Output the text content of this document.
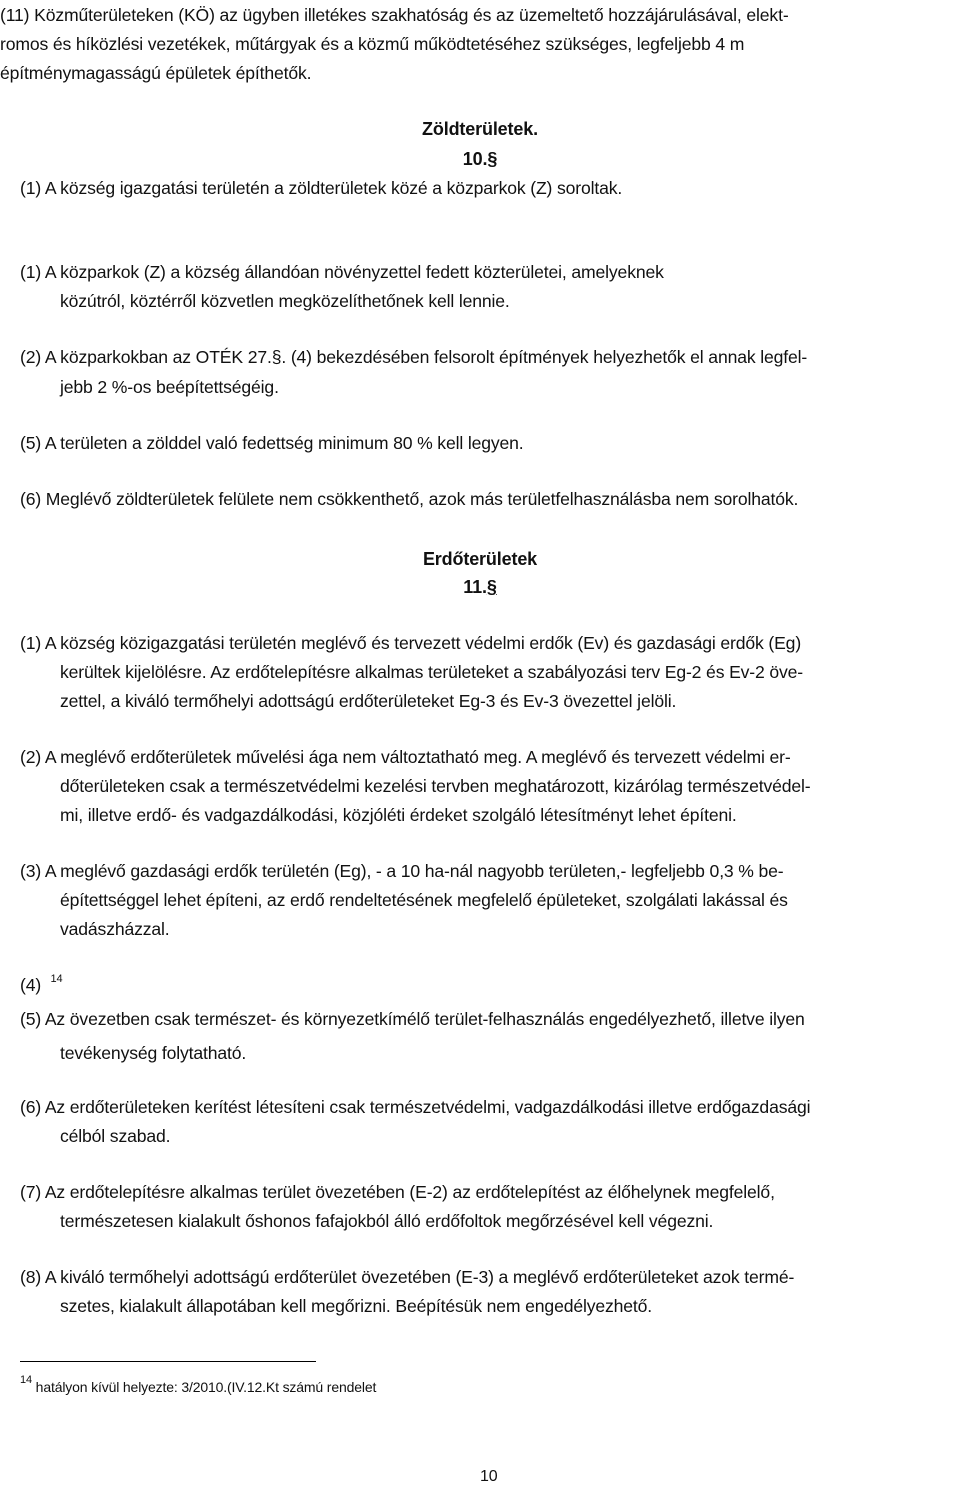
(11) Közműterületeken (KÖ) az ügyben illetékes szakhatóság és az üzemeltető hozzájárulásával, elekt-
romos és híközlési vezetékek, műtárgyak és a közmű működtetéséhez szükséges, legfeljebb 4 m
építménymagasságú épületek építhetők.
Zöldterületek.
10.§
(1) A község igazgatási területén a zöldterületek közé a közparkok (Z) soroltak.
(1) A közparkok (Z) a község állandóan növényzettel fedett közterületei, amelyeknek
közútról, köztérről közvetlen megközelíthetőnek kell lennie.
(2) A közparkokban az OTÉK 27.§. (4) bekezdésében felsorolt építmények helyezhetők el annak legfel-
jebb 2 %-os beépítettségéig.
(5) A területen a zölddel való fedettség minimum 80 % kell legyen.
(6) Meglévő zöldterületek felülete nem csökkenthető, azok más területfelhasználásba nem sorolhatók.
Erdőterületek
11.§
(1) A község közigazgatási területén meglévő és tervezett védelmi erdők (Ev) és gazdasági erdők (Eg)
kerültek kijelölésre. Az erdőtelepítésre alkalmas területeket a szabályozási terv Eg-2 és Ev-2 öve-
zettel, a kiváló termőhelyi adottságú erdőterületeket Eg-3 és Ev-3 övezettel jelöli.
(2) A meglévő erdőterületek művelési ága nem változtatható meg. A meglévő és tervezett védelmi er-
dőterületeken csak a természetvédelmi kezelési tervben meghatározott, kizárólag természetvédel-
mi, illetve erdő- és vadgazdálkodási, közjóléti érdeket szolgáló létesítményt lehet építeni.
(3) A meglévő gazdasági erdők területén (Eg), - a 10 ha-nál nagyobb területen,- legfeljebb 0,3 % be-
építettséggel lehet építeni, az erdő rendeltetésének megfelelő épületeket, szolgálati lakással és
vadászházzal.
(4) $^{14}$
(5) Az övezetben csak természet- és környezetkímélő terület-felhasználás engedélyezhető, illetve ilyen
tevékenység folytatható.
(6) Az erdőterületeken kerítést létesíteni csak természetvédelmi, vadgazdálkodási illetve erdőgazdasági
célból szabad.
(7) Az erdőtelepítésre alkalmas terület övezetében (E-2) az erdőtelepítést az élőhelynek megfelelő,
természetesen kialakult őshonos fafajokból álló erdőfoltok megőrzésével kell végezni.
(8) A kiváló termőhelyi adottságú erdőterület övezetében (E-3) a meglévő erdőterületeket azok termé-
szetes, kialakult állapotában kell megőrizni. Beépítésük nem engedélyezhető.
$^{14}$ hatályon kívül helyezte: 3/2010.(IV.12.Kt számú rendelet
10
